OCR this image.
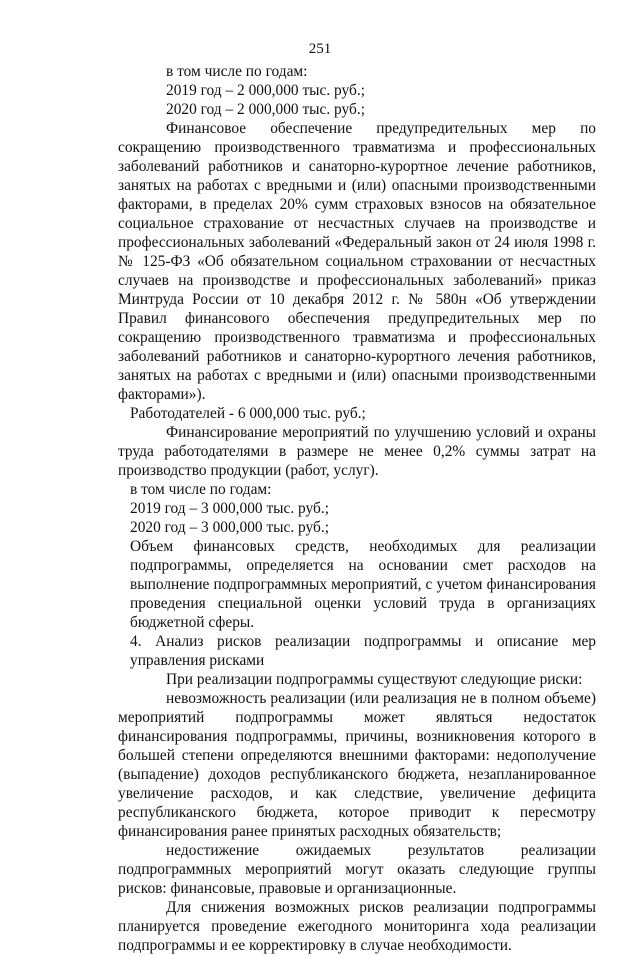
251

в том числе по годам:

2019 год – 2 000,000 тыс. руб.;

2020 год – 2 000,000 тыс. руб.;

Финансовое обеспечение предупредительных мер по сокращению производственного травматизма и профессиональных заболеваний работников и санаторно-курортное лечение работников, занятых на работах с вредными и (или) опасными производственными факторами, в пределах 20% сумм страховых взносов на обязательное социальное страхование от несчастных случаев на производстве и профессиональных заболеваний «Федеральный закон от 24 июля 1998 г. № 125-ФЗ «Об обязательном социальном страховании от несчастных случаев на производстве и профессиональных заболеваний» приказ Минтруда России от 10 декабря 2012 г. № 580н «Об утверждении Правил финансового обеспечения предупредительных мер по сокращению производственного травматизма и профессиональных заболеваний работников и санаторно-курортного лечения работников, занятых на работах с вредными и (или) опасными производственными факторами»).

Работодателей - 6 000,000 тыс. руб.;

Финансирование мероприятий по улучшению условий и охраны труда работодателями в размере не менее 0,2% суммы затрат на производство продукции (работ, услуг).

в том числе по годам:

2019 год – 3 000,000 тыс. руб.;

2020 год – 3 000,000 тыс. руб.;

Объем финансовых средств, необходимых для реализации подпрограммы, определяется на основании смет расходов на выполнение подпрограммных мероприятий, с учетом финансирования проведения специальной оценки условий труда в организациях бюджетной сферы.

4. Анализ рисков реализации подпрограммы и описание мер управления рисками

При реализации подпрограммы существуют следующие риски:

невозможность реализации (или реализация не в полном объеме) мероприятий подпрограммы может являться недостаток финансирования подпрограммы, причины, возникновения которого в большей степени определяются внешними факторами: недополучение (выпадение) доходов республиканского бюджета, незапланированное увеличение расходов, и как следствие, увеличение дефицита республиканского бюджета, которое приводит к пересмотру финансирования ранее принятых расходных обязательств;

недостижение ожидаемых результатов реализации подпрограммных мероприятий могут оказать следующие группы рисков: финансовые, правовые и организационные.

Для снижения возможных рисков реализации подпрограммы планируется проведение ежегодного мониторинга хода реализации подпрограммы и ее корректировку в случае необходимости.
